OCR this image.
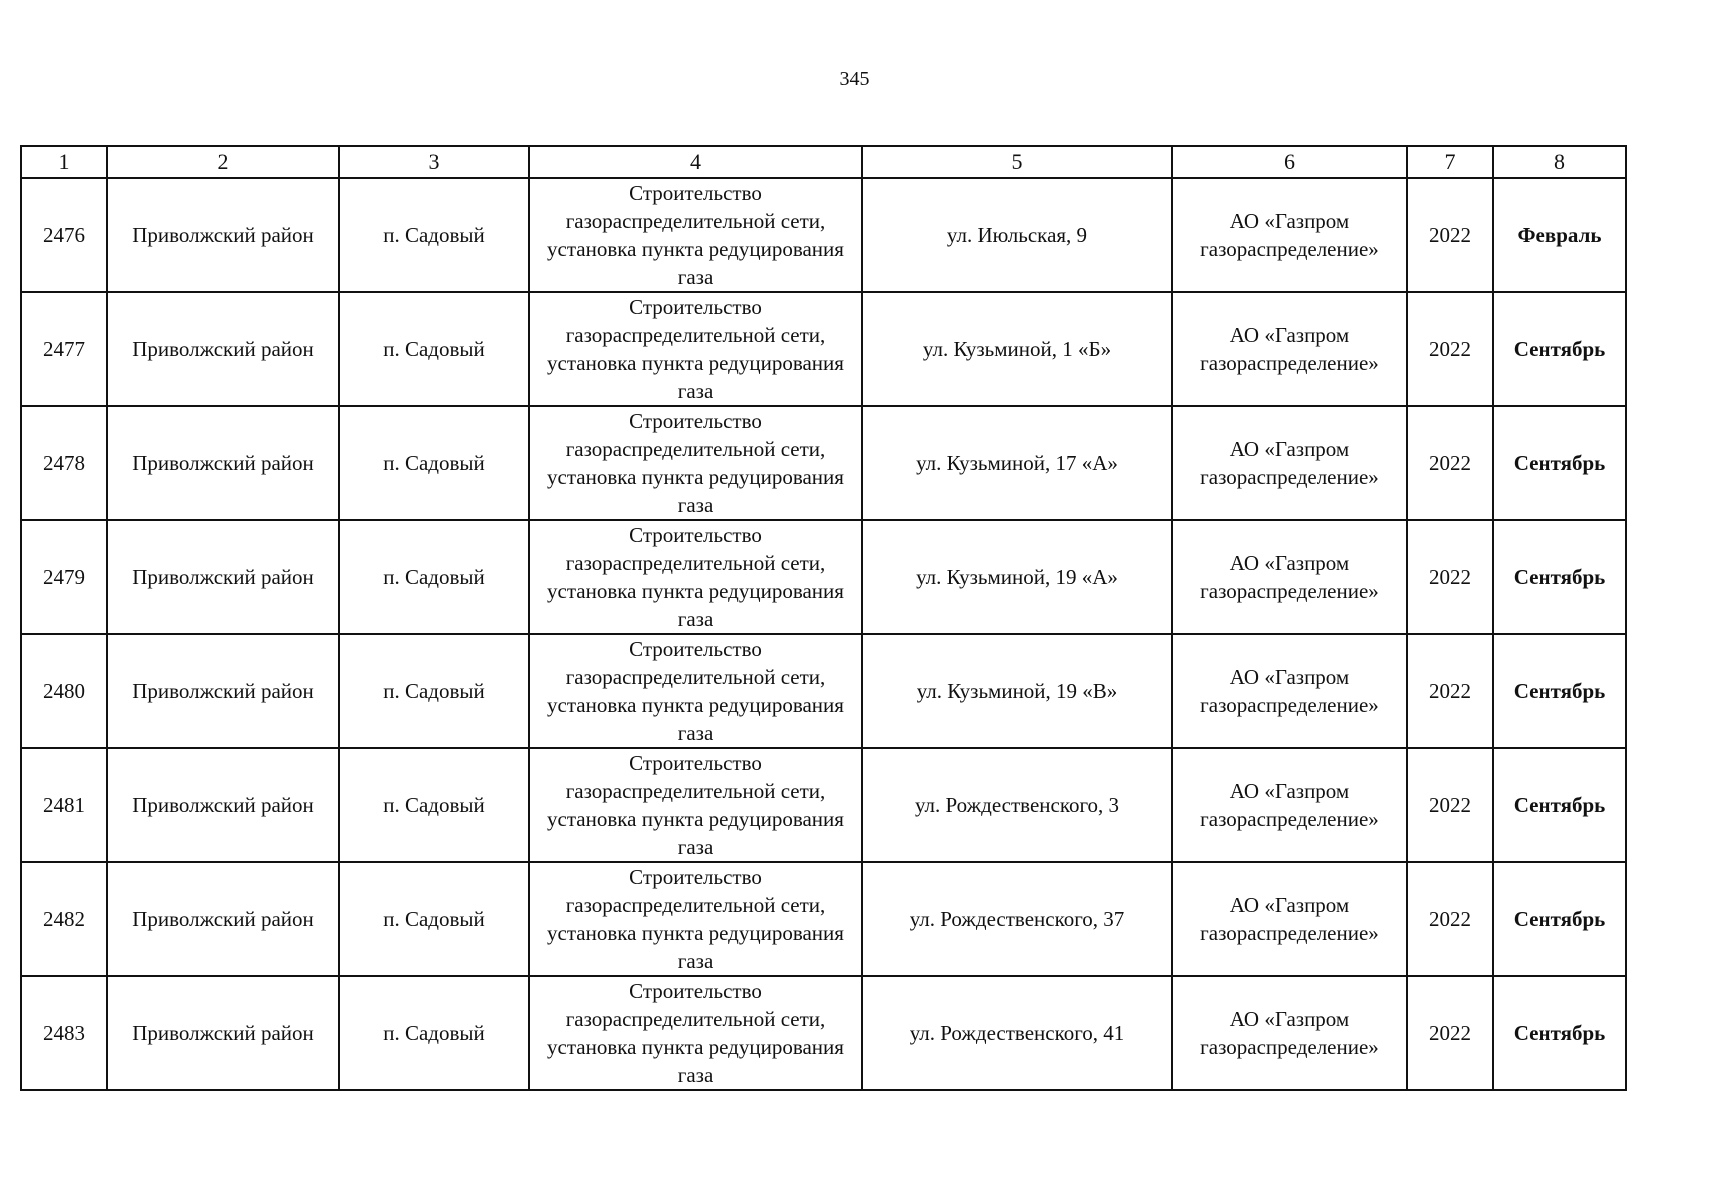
345
1	2	3	4	5	6	7	8
2476	Приволжский район	п. Садовый	Строительство газораспределительной сети, установка пункта редуцирования газа	ул. Июльская, 9	АО «Газпром газораспределение»	2022	Февраль
2477	Приволжский район	п. Садовый	Строительство газораспределительной сети, установка пункта редуцирования газа	ул. Кузьминой, 1 «Б»	АО «Газпром газораспределение»	2022	Сентябрь
2478	Приволжский район	п. Садовый	Строительство газораспределительной сети, установка пункта редуцирования газа	ул. Кузьминой, 17 «А»	АО «Газпром газораспределение»	2022	Сентябрь
2479	Приволжский район	п. Садовый	Строительство газораспределительной сети, установка пункта редуцирования газа	ул. Кузьминой, 19 «А»	АО «Газпром газораспределение»	2022	Сентябрь
2480	Приволжский район	п. Садовый	Строительство газораспределительной сети, установка пункта редуцирования газа	ул. Кузьминой, 19 «В»	АО «Газпром газораспределение»	2022	Сентябрь
2481	Приволжский район	п. Садовый	Строительство газораспределительной сети, установка пункта редуцирования газа	ул. Рождественского, 3	АО «Газпром газораспределение»	2022	Сентябрь
2482	Приволжский район	п. Садовый	Строительство газораспределительной сети, установка пункта редуцирования газа	ул. Рождественского, 37	АО «Газпром газораспределение»	2022	Сентябрь
2483	Приволжский район	п. Садовый	Строительство газораспределительной сети, установка пункта редуцирования газа	ул. Рождественского, 41	АО «Газпром газораспределение»	2022	Сентябрь
